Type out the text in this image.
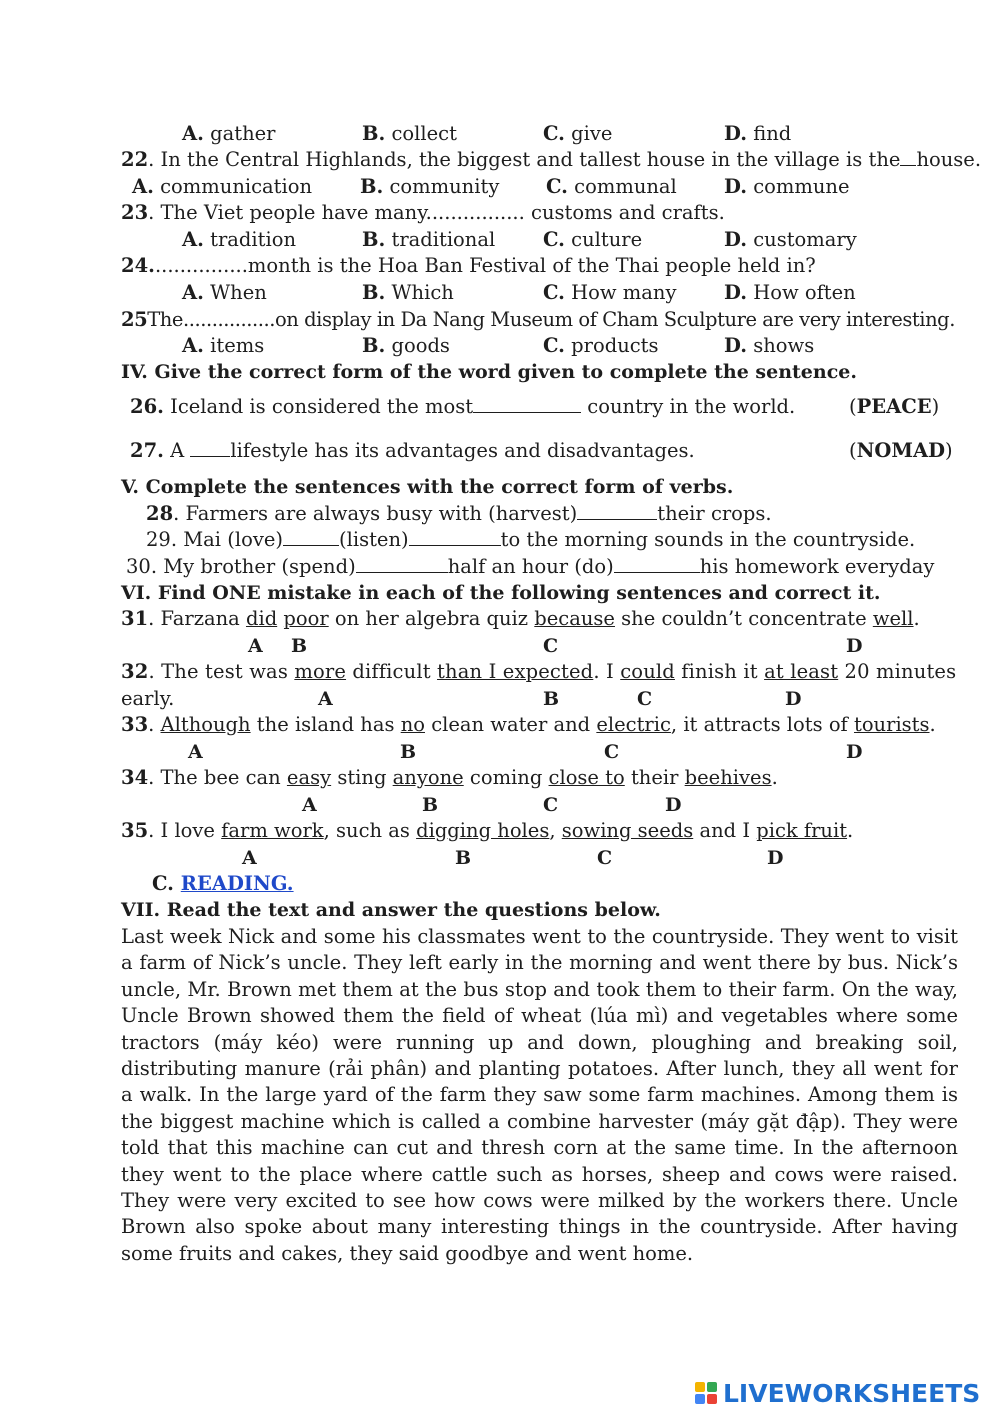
A. gather	B. collect	C. give	D. find
22. In the Central Highlands, the biggest and tallest house in the village is the house.
A. communication B. community C. communal D. commune
23. The Viet people have many................ customs and crafts.
A. tradition	B. traditional C. culture	D. customary
24................month is the Hoa Ban Festival of the Thai people held in?
A. When	B. Which	C. How many D. How often
25The................on display in Da Nang Museum of Cham Sculpture are very interesting.
A. items	B. goods	C. products	D. shows
IV. Give the correct form of the word given to complete the sentence.
26. Iceland is considered the most	country in the world.	(PEACE)
27. A lifestyle has its advantages and disadvantages.	(NOMAD)
V. Complete the sentences with the correct form of verbs.
28. Farmers are always busy with (harvest)	their crops.
29. Mai (love)	(listen)	to the morning sounds in the countryside.
30. My brother (spend)	half an hour (do)	his homework everyday
VI. Find ONE mistake in each of the following sentences and correct it.
31. Farzana did poor on her algebra quiz because she couldn’t concentrate well.
A B	C	D
32. The test was more difficult than I expected. I could finish it at least 20 minutes
early.	A	B	C	D
33. Although the island has no clean water and electric, it attracts lots of tourists.
A	B	C	D
34. The bee can easy sting anyone coming close to their beehives.
A	B	C	D
35. I love farm work, such as digging holes, sowing seeds and I pick fruit.
A	B	C	D
C. READING.
VII. Read the text and answer the questions below.
Last week Nick and some his classmates went to the countryside. They went to visit a farm of Nick’s uncle. They left early in the morning and went there by bus. Nick’s uncle, Mr. Brown met them at the bus stop and took them to their farm. On the way, Uncle Brown showed them the field of wheat (lúa mì) and vegetables where some tractors (máy kéo) were running up and down, ploughing and breaking soil, distributing manure (rải phân) and planting potatoes. After lunch, they all went for a walk. In the large yard of the farm they saw some farm machines. Among them is the biggest machine which is called a combine harvester (máy gặt đập). They were told that this machine can cut and thresh corn at the same time. In the afternoon they went to the place where cattle such as horses, sheep and cows were raised. They were very excited to see how cows were milked by the workers there. Uncle Brown also spoke about many interesting things in the countryside. After having some fruits and cakes, they said goodbye and went home.
LIVEWORKSHEETS
